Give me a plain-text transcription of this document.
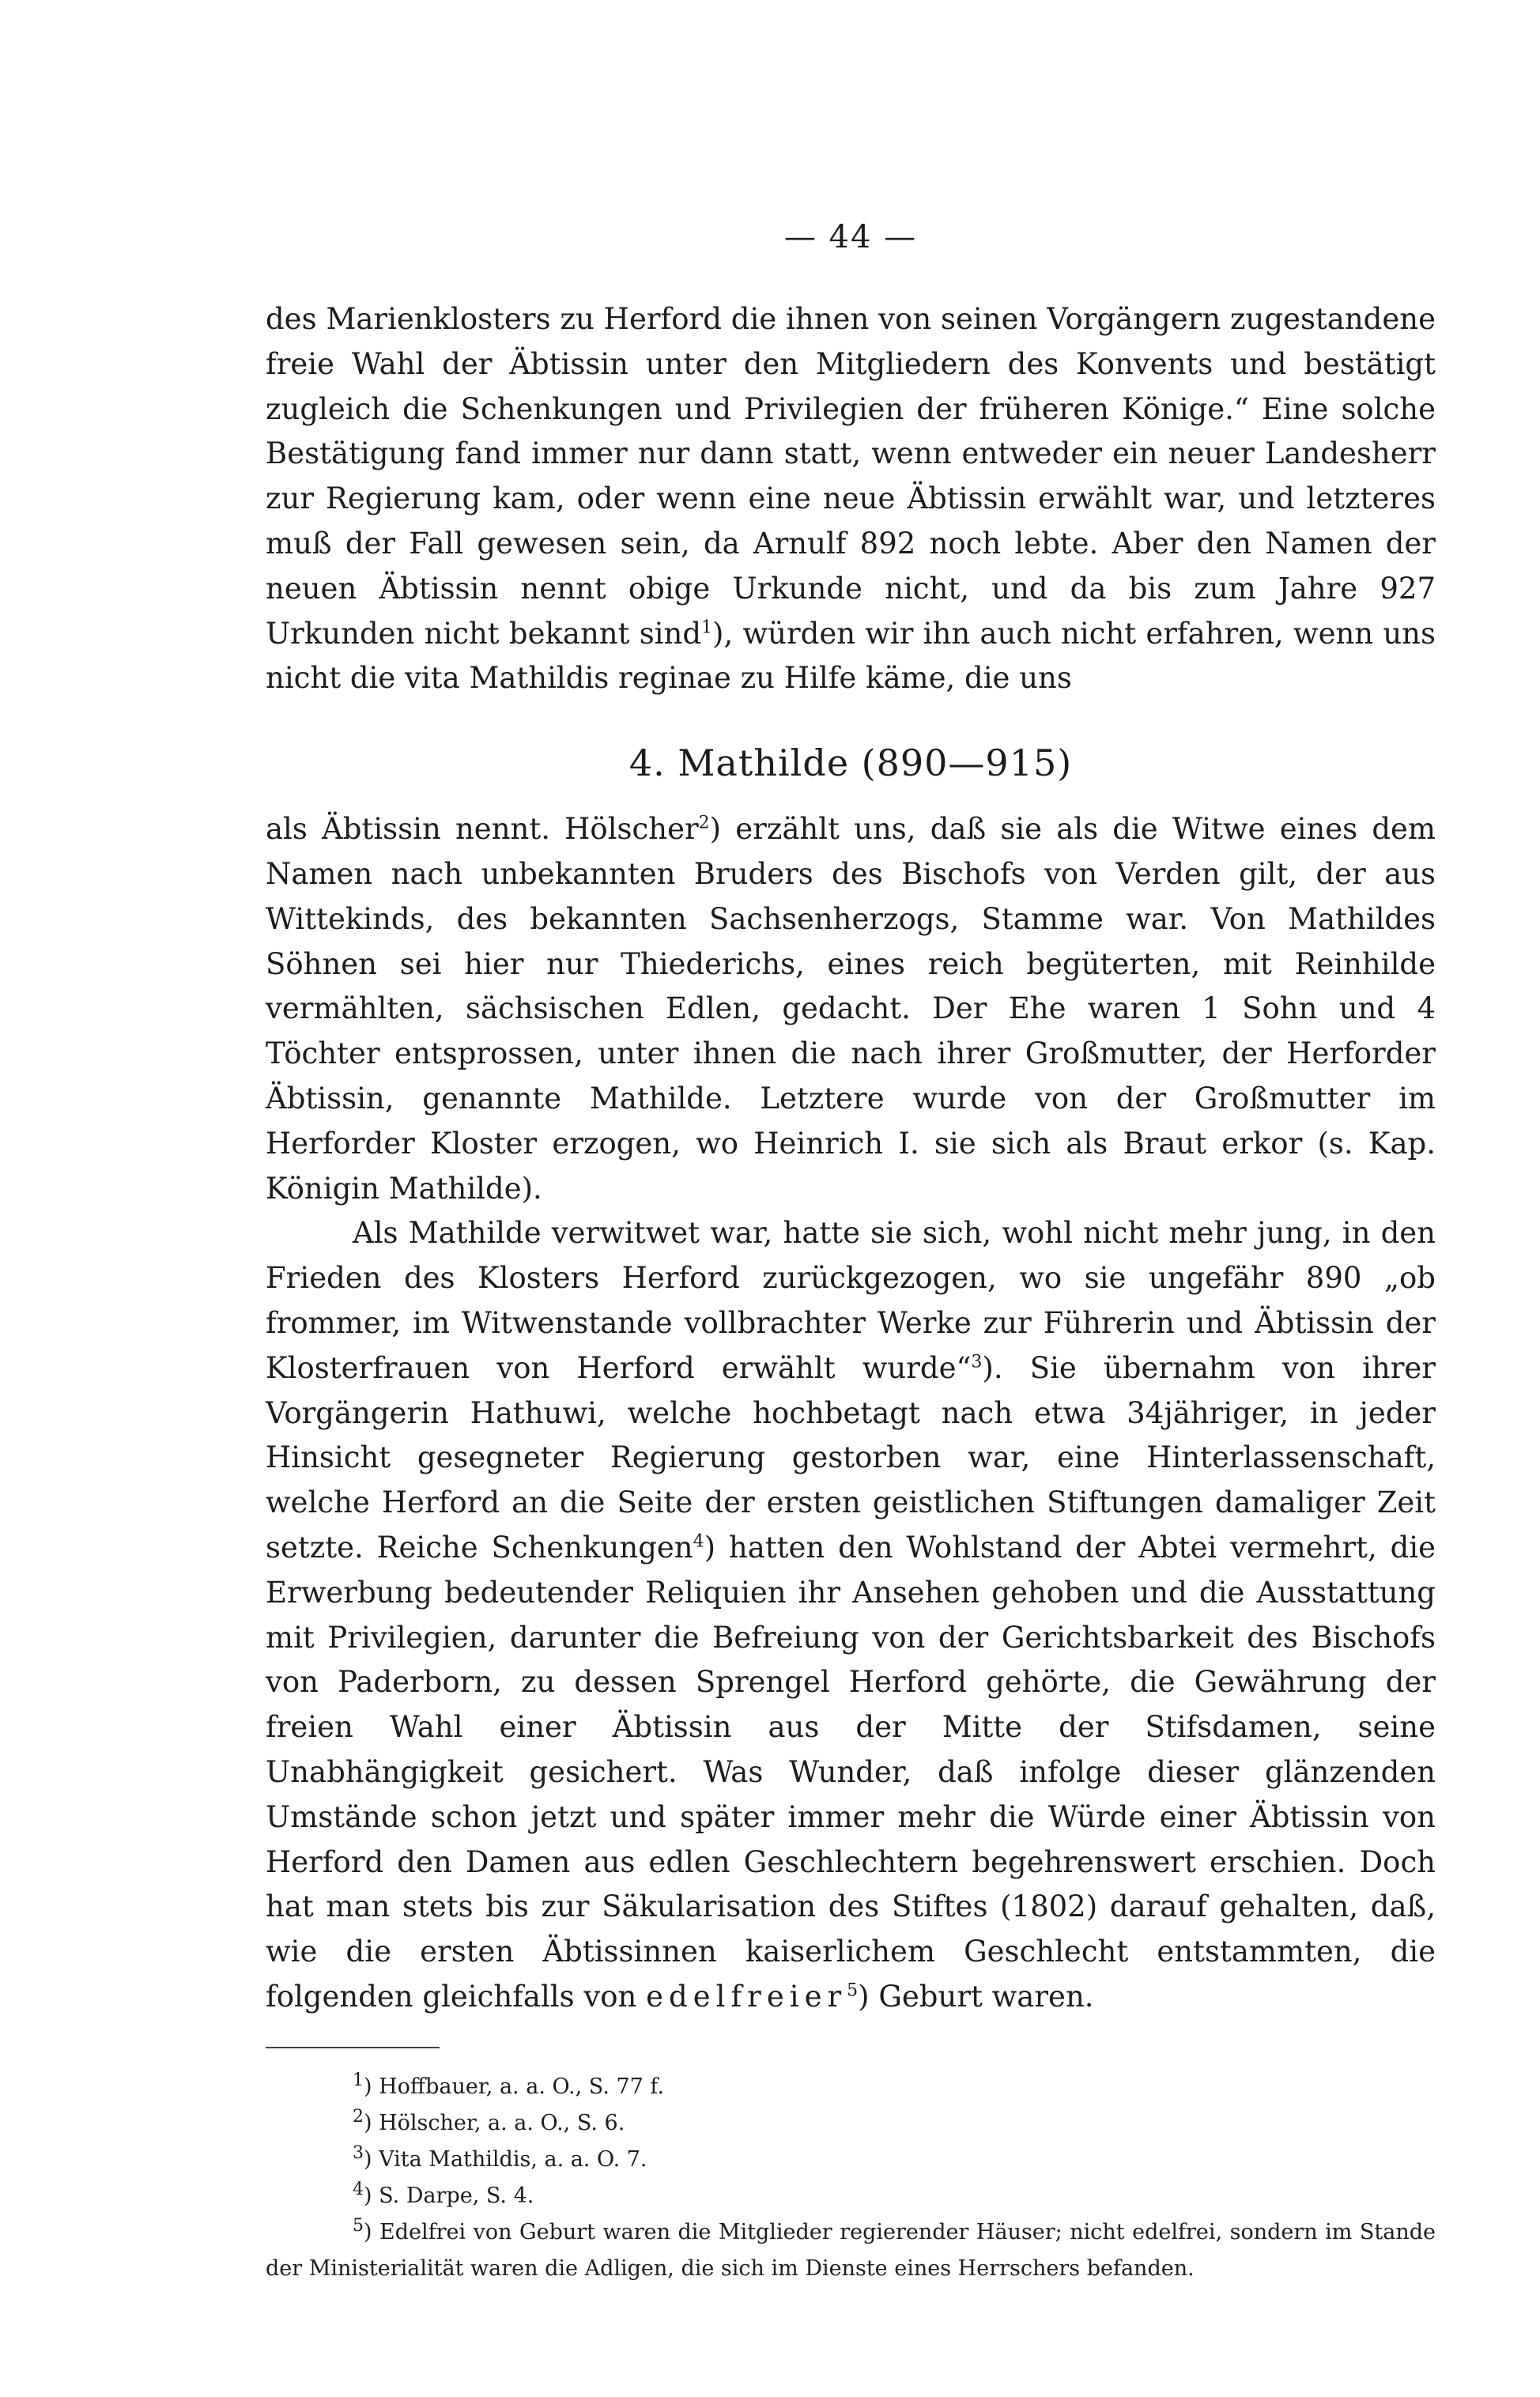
— 44 —

des Marienklosters zu Herford die ihnen von seinen Vorgängern zugestandene freie Wahl der Äbtissin unter den Mitgliedern des Konvents und bestätigt zugleich die Schenkungen und Privilegien der früheren Könige.“ Eine solche Bestätigung fand immer nur dann statt, wenn entweder ein neuer Landesherr zur Regierung kam, oder wenn eine neue Äbtissin erwählt war, und letzteres muß der Fall gewesen sein, da Arnulf 892 noch lebte. Aber den Namen der neuen Äbtissin nennt obige Urkunde nicht, und da bis zum Jahre 927 Urkunden nicht bekannt sind$^1$), würden wir ihn auch nicht erfahren, wenn uns nicht die vita Mathildis reginae zu Hilfe käme, die uns

4. Mathilde (890—915)

als Äbtissin nennt. Hölscher$^2$) erzählt uns, daß sie als die Witwe eines dem Namen nach unbekannten Bruders des Bischofs von Verden gilt, der aus Wittekinds, des bekannten Sachsenherzogs, Stamme war. Von Mathildes Söhnen sei hier nur Thiederichs, eines reich begüterten, mit Reinhilde vermählten, sächsischen Edlen, gedacht. Der Ehe waren 1 Sohn und 4 Töchter entsprossen, unter ihnen die nach ihrer Großmutter, der Herforder Äbtissin, genannte Mathilde. Letztere wurde von der Großmutter im Herforder Kloster erzogen, wo Heinrich I. sie sich als Braut erkor (s. Kap. Königin Mathilde).

Als Mathilde verwitwet war, hatte sie sich, wohl nicht mehr jung, in den Frieden des Klosters Herford zurückgezogen, wo sie ungefähr 890 „ob frommer, im Witwenstande vollbrachter Werke zur Führerin und Äbtissin der Klosterfrauen von Herford erwählt wurde“$^3$). Sie übernahm von ihrer Vorgängerin Hathuwi, welche hochbetagt nach etwa 34jähriger, in jeder Hinsicht gesegneter Regierung gestorben war, eine Hinterlassenschaft, welche Herford an die Seite der ersten geistlichen Stiftungen damaliger Zeit setzte. Reiche Schenkungen$^4$) hatten den Wohlstand der Abtei vermehrt, die Erwerbung bedeutender Reliquien ihr Ansehen gehoben und die Ausstattung mit Privilegien, darunter die Befreiung von der Gerichtsbarkeit des Bischofs von Paderborn, zu dessen Sprengel Herford gehörte, die Gewährung der freien Wahl einer Äbtissin aus der Mitte der Stifsdamen, seine Unabhängigkeit gesichert. Was Wunder, daß infolge dieser glänzenden Umstände schon jetzt und später immer mehr die Würde einer Äbtissin von Herford den Damen aus edlen Geschlechtern begehrenswert erschien. Doch hat man stets bis zur Säkularisation des Stiftes (1802) darauf gehalten, daß, wie die ersten Äbtissinnen kaiserlichem Geschlecht entstammten, die folgenden gleichfalls von edelfreier$^5$) Geburt waren.

$^1$) Hoffbauer, a. a. O., S. 77 f.
$^2$) Hölscher, a. a. O., S. 6.
$^3$) Vita Mathildis, a. a. O. 7.
$^4$) S. Darpe, S. 4.
$^5$) Edelfrei von Geburt waren die Mitglieder regierender Häuser; nicht edelfrei, sondern im Stande der Ministerialität waren die Adligen, die sich im Dienste eines Herrschers befanden.
